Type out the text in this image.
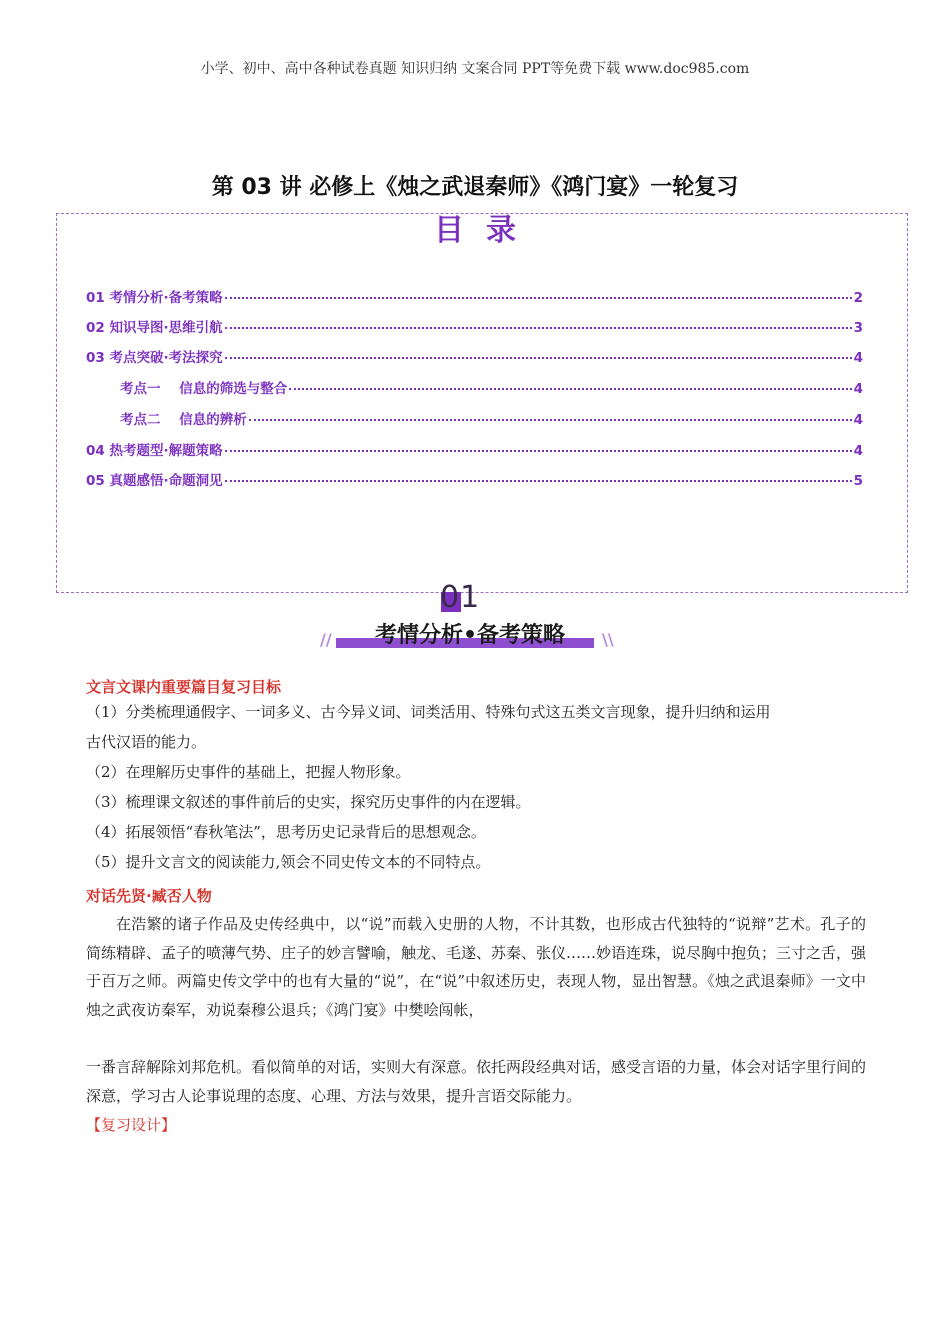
小学、初中、高中各种试卷真题 知识归纳 文案合同 PPT等免费下载 www.doc985.com
第 03 讲 必修上《烛之武退秦师》《鸿门宴》一轮复习
目录
01 考情分析·备考策略	2
02 知识导图·思维引航	3
03 考点突破·考法探究	4
考点一    信息的筛选与整合	4
考点二    信息的辨析	4
04 热考题型·解题策略	4
05 真题感悟·命题洞见	5
01
//	\\
考情分析•备考策略
文言文课内重要篇目复习目标
（1）分类梳理通假字、一词多义、古今异义词、词类活用、特殊句式这五类文言现象，提升归纳和运用
古代汉语的能力。
（2）在理解历史事件的基础上，把握人物形象。
（3）梳理课文叙述的事件前后的史实，探究历史事件的内在逻辑。
（4）拓展领悟“春秋笔法”，思考历史记录背后的思想观念。
（5）提升文言文的阅读能力,领会不同史传文本的不同特点。
对话先贤·臧否人物
在浩繁的诸子作品及史传经典中，以“说”而载入史册的人物，不计其数，也形成古代独特的“说辩”艺术。孔子的简练精辟、孟子的喷薄气势、庄子的妙言譬喻，触龙、毛遂、苏秦、张仪……妙语连珠，说尽胸中抱负；三寸之舌，强于百万之师。两篇史传文学中的也有大量的“说”，在“说”中叙述历史，表现人物，显出智慧。《烛之武退秦师》一文中烛之武夜访秦军，劝说秦穆公退兵；《鸿门宴》中樊哙闯帐，
一番言辞解除刘邦危机。看似简单的对话，实则大有深意。依托两段经典对话，感受言语的力量，体会对话字里行间的深意，学习古人论事说理的态度、心理、方法与效果，提升言语交际能力。
【复习设计】
